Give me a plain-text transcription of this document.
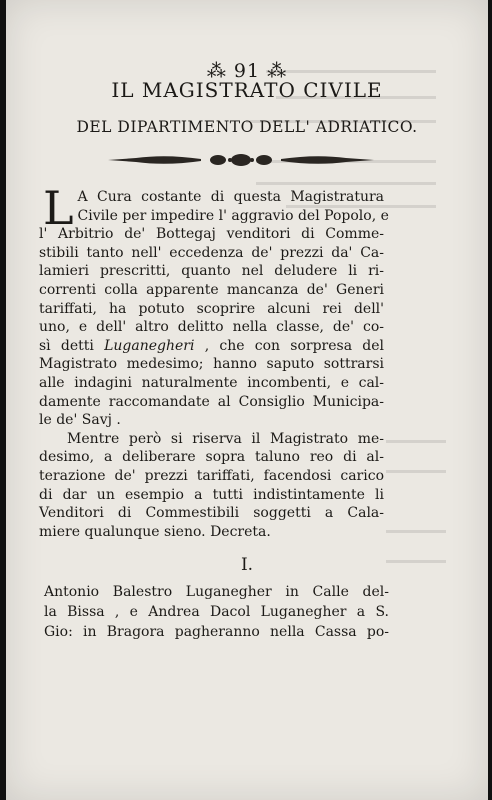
⁂ 91 ⁂
IL MAGISTRATO CIVILE
DEL DIPARTIMENTO DELL' ADRIATICO.
L A Cura costante di questa Magistratura
Civile per impedire l' aggravio del Popolo, e
l' Arbitrio de' Bottegaj venditori di Comme-
stibili tanto nell' eccedenza de' prezzi da' Ca-
lamieri prescritti, quanto nel deludere li ri-
correnti colla apparente mancanza de' Generi
tariffati, ha potuto scoprire alcuni rei dell'
uno, e dell' altro delitto nella classe, de' co-
sì detti Luganegheri , che con sorpresa del
Magistrato medesimo; hanno saputo sottrarsi
alle indagini naturalmente incombenti, e cal-
damente raccomandate al Consiglio Municipa-
le de' Savj .
Mentre però si riserva il Magistrato me-
desimo, a deliberare sopra taluno reo di al-
terazione de' prezzi tariffati, facendosi carico
di dar un esempio a tutti indistintamente li
Venditori di Commestibili soggetti a Cala-
miere qualunque sieno. Decreta.
I.
Antonio Balestro Luganegher in Calle del-
la Bissa , e Andrea Dacol Luganegher a S.
Gio: in Bragora pagheranno nella Cassa po-
